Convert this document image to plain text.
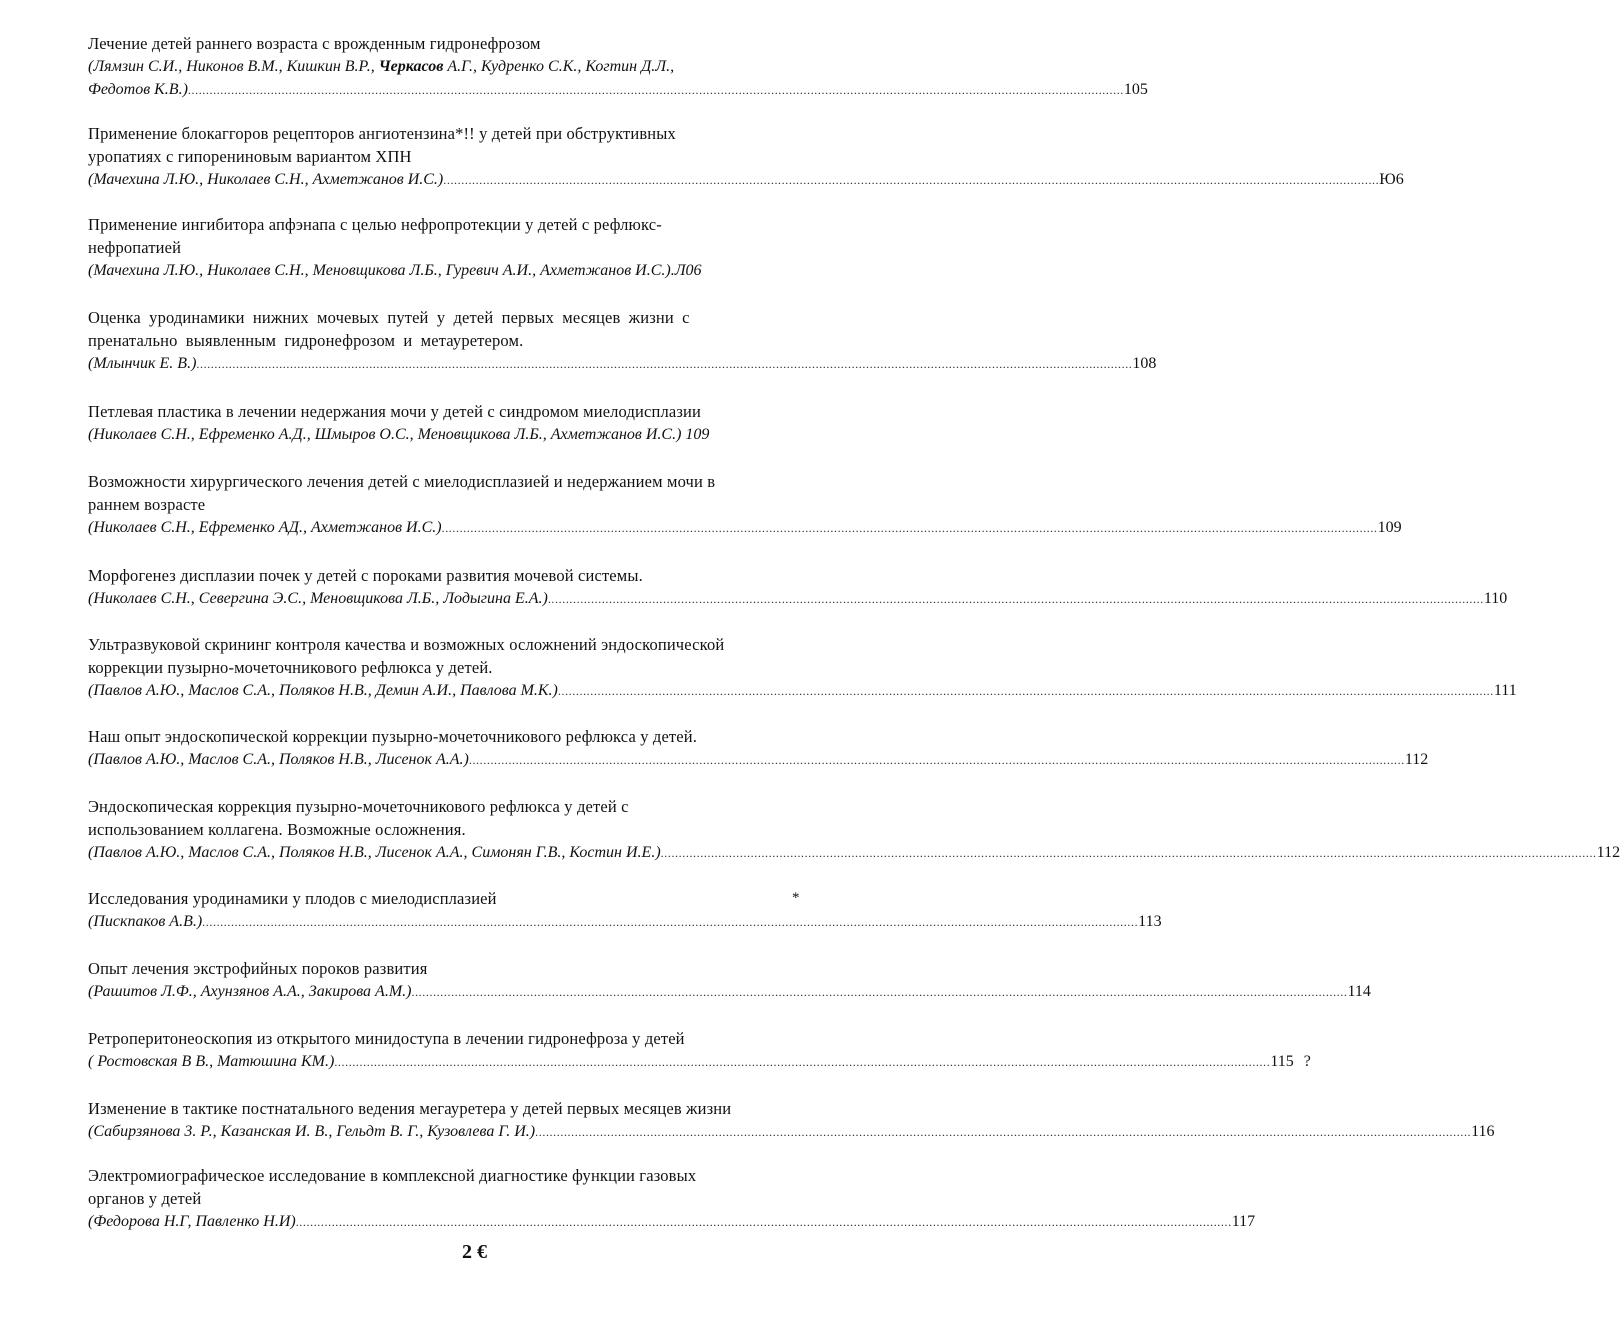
Лечение детей раннего возраста с врожденным гидронефрозом
(Лямзин С.И., Никонов В.М., Кишкин В.Р., Черкасов А.Г., Кудренко С.К., Когтин Д.Л.,
Федотов К.В.) .................................................................................................................................................................................................................................................................... 105
Применение блокаггоров рецепторов ангиотензина*!! у детей при обструктивных
уропатиях с гипорениновым вариантом ХПН
(Мачехина Л.Ю., Николаев С.Н., Ахметжанов И.С.) .................................................................................................................................................................................................................................................................... Ю6
Применение ингибитора апфэнапа с целью нефропротекции у детей с рефлюкс-
нефропатией
(Мачехина Л.Ю., Николаев С.Н., Меновщикова Л.Б., Гуревич А.И., Ахметжанов И.С.).Л06
Оценка уродинамики нижних мочевых путей у детей первых месяцев жизни с
пренатально выявленным гидронефрозом и метауретером.
(Млынчик Е. В.) .................................................................................................................................................................................................................................................................... 108
Петлевая пластика в лечении недержания мочи у детей с синдромом миелодисплазии
(Николаев С.Н., Ефременко А.Д., Шмыров О.С., Меновщикова Л.Б., Ахметжанов И.С.) 109
Возможности хирургического лечения детей с миелодисплазией и недержанием мочи в
раннем возрасте
(Николаев С.Н., Ефременко АД., Ахметжанов И.С.) .................................................................................................................................................................................................................................................................... 109
Морфогенез дисплазии почек у детей с пороками развития мочевой системы.
(Николаев С.Н., Севергина Э.С., Меновщикова Л.Б., Лодыгина Е.А.) .................................................................................................................................................................................................................................................................... 110
Ультразвуковой скрининг контроля качества и возможных осложнений эндоскопической
коррекции пузырно-мочеточникового рефлюкса у детей.
(Павлов А.Ю., Маслов С.А., Поляков Н.В., Демин А.И., Павлова М.К.) .................................................................................................................................................................................................................................................................... 111
Наш опыт эндоскопической коррекции пузырно-мочеточникового рефлюкса у детей.
(Павлов А.Ю., Маслов С.А., Поляков Н.В., Лисенок А.А.) .................................................................................................................................................................................................................................................................... 112
Эндоскопическая коррекция пузырно-мочеточникового рефлюкса у детей с
использованием коллагена. Возможные осложнения.
(Павлов А.Ю., Маслов С.А., Поляков Н.В., Лисенок А.А., Симонян Г.В., Костин И.Е.) .................................................................................................................................................................................................................................................................... 112
Исследования уродинамики у плодов с миелодисплазией
(Пискпаков А.В.) .................................................................................................................................................................................................................................................................... 113
*
Опыт лечения экстрофийных пороков развития
(Рашитов Л.Ф., Ахунзянов А.А., Закирова А.М.) .................................................................................................................................................................................................................................................................... 114
Ретроперитонеоскопия из открытого минидоступа в лечении гидронефроза у детей
( Ростовская В В., Матюшина КМ.) .................................................................................................................................................................................................................................................................... 115 ?
Изменение в тактике постнатального ведения мегауретера у детей первых месяцев жизни
(Сабирзянова 3. Р., Казанская И. В., Гельдт В. Г., Кузовлева Г. И.) .................................................................................................................................................................................................................................................................... 116
Электромиографическое исследование в комплексной диагностике функции газовых
органов у детей
(Федорова Н.Г, Павленко Н.И) .................................................................................................................................................................................................................................................................... 117
2 €
